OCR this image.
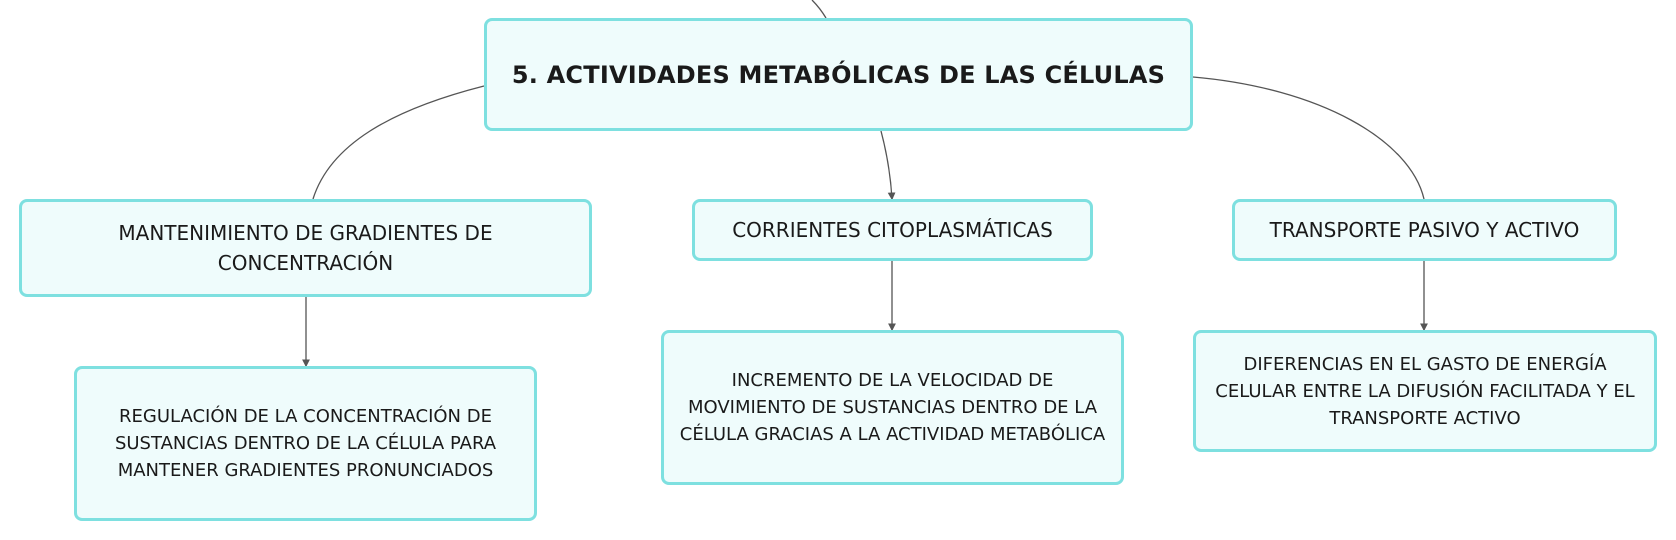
5. ACTIVIDADES METABÓLICAS DE LAS CÉLULAS
MANTENIMIENTO DE GRADIENTES DE CONCENTRACIÓN
CORRIENTES CITOPLASMÁTICAS	TRANSPORTE PASIVO Y ACTIVO
REGULACIÓN DE LA CONCENTRACIÓN DE SUSTANCIAS DENTRO DE LA CÉLULA PARA MANTENER GRADIENTES PRONUNCIADOS
INCREMENTO DE LA VELOCIDAD DE MOVIMIENTO DE SUSTANCIAS DENTRO DE LA CÉLULA GRACIAS A LA ACTIVIDAD METABÓLICA
DIFERENCIAS EN EL GASTO DE ENERGÍA CELULAR ENTRE LA DIFUSIÓN FACILITADA Y EL TRANSPORTE ACTIVO
